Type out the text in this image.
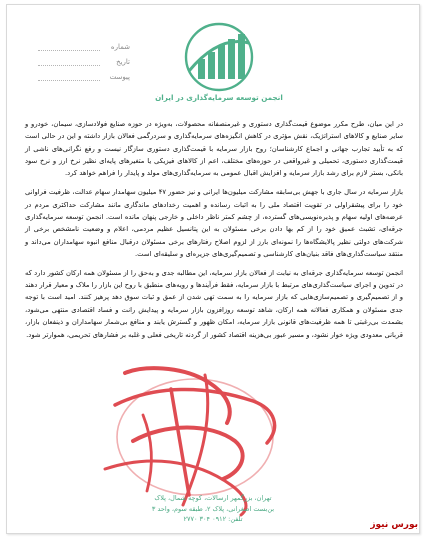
شماره
تاریخ
پیوست
انجمن توسعه سرمایه‌گذاری در ایران

در این میان، طرح مکرر موضوع قیمت‌گذاری دستوری و غیرمنصفانه محصولات، به‌ویژه در حوزه صنایع فولادسازی، سیمان، خودرو و سایر صنایع و کالاهای استراتژیک، نقش مؤثری در کاهش انگیزه‌های سرمایه‌گذاری و سردرگمی فعالان بازار داشته و این در حالی است که به تأیید تجارب جهانی و اجماع کارشناسان؛ روح بازار سرمایه با قیمت‌گذاری دستوری سازگار نیست و رفع نگرانی‌های ناشی از قیمت‌گذاری دستوری، تحمیلی و غیرواقعی در حوزه‌های مختلف، اعم از کالاهای فیزیکی یا متغیرهای پایه‌ای نظیر نرخ ارز و نرخ سود بانکی، بستر لازم برای رشد بازار سرمایه و افزایش اقبال عمومی به سرمایه‌گذاری‌های مولد و پایدار را فراهم خواهد کرد.

بازار سرمایه در سال جاری با جهش بی‌سابقه مشارکت میلیون‌ها ایرانی و نیز حضور ۴۷ میلیون سهامدار سهام عدالت، ظرفیت فراوانی خود را برای پیشقراولی در تقویت اقتصاد ملی را به اثبات رسانده و اهمیت رخدادهای ماندگاری مانند مشارکت حداکثری مردم در عرضه‌های اولیه سهام و پذیره‌نویسی‌های گسترده، از چشم کمتر ناظر داخلی و خارجی پنهان مانده است. انجمن توسعه سرمایه‌گذاری جرقه‌ای، تشبث عمیق خود را از کم بها دادن برخی مسئولان به این پتانسیل عظیم مردمی، اعلام و وضعیت نامشخص برخی از شرکت‌های دولتی نظیر پالایشگاه‌ها را نمونه‌ای بارز از لزوم اصلاح رفتارهای برخی مسئولان درقبال منافع انبوه سهامداران می‌داند و منتقد سیاست‌گذاری‌های فاقد بنیان‌های کارشناسی و تصمیم‌گیری‌های جزیره‌ای و سلیقه‌ای است.

انجمن توسعه سرمایه‌گذاری جرقه‌ای به نیابت از فعالان بازار سرمایه، این مطالبه جدی و به‌حق را از مسئولان همه ارکان کشور دارد که در تدوین و اجرای سیاست‌گذاری‌های مرتبط با بازار سرمایه، فقط فرآیندها و رویه‌های منطبق با روح این بازار را ملاک و معیار قرار دهند و از تصمیم‌گیری و تصمیم‌سازی‌هایی که بازار سرمایه را به سمت تهی شدن از عمق و ثبات سوق دهد پرهیز کنند. امید است با توجه جدی مسئولان و همکاری فعالانه همه ارکان، شاهد توسعه روزافزون بازار سرمایه و پیدایش رانت و فساد اقتصادی منتهی می‌شود، بشمدت بی‌رغبتی تا همه ظرفیت‌های قانونی بازار سرمایه، امکان ظهور و گسترش یابند و منافع بی‌شمار سهامداران و ذینفعان بازار، قربانی معدودی ویژه خوار نشود، و مسیر عبور بی‌هزینه اقتصاد کشور از گردنه تاریخی فعلی و غلبه بر فشارهای تحریمی، هموارتر شود.

تهران، بزرگمهر ارسالات، کوچه شمال، پلاک
بن‌بست اصغرانی، پلاک ۲، طبقه سوم، واحد ۳
تلفن: ۰۹۱۲ ۳۰۴ ۲۷۷۰
بورس نیوز
